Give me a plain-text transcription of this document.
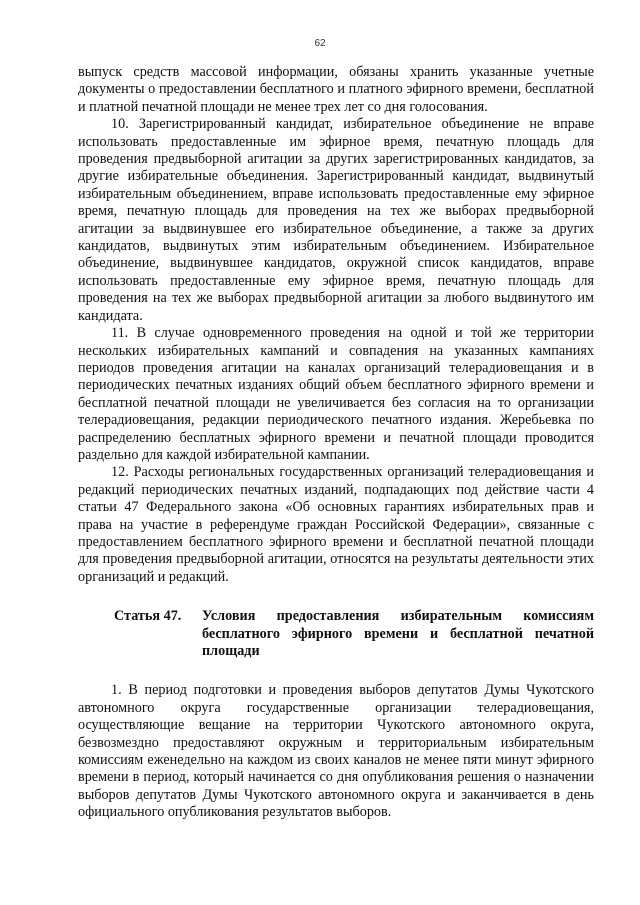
62

выпуск средств массовой информации, обязаны хранить указанные учетные документы о предоставлении бесплатного и платного эфирного времени, бесплатной и платной печатной площади не менее трех лет со дня голосования.

10. Зарегистрированный кандидат, избирательное объединение не вправе использовать предоставленные им эфирное время, печатную площадь для проведения предвыборной агитации за других зарегистрированных кандидатов, за другие избирательные объединения. Зарегистрированный кандидат, выдвинутый избирательным объединением, вправе использовать предоставленные ему эфирное время, печатную площадь для проведения на тех же выборах предвыборной агитации за выдвинувшее его избирательное объединение, а также за других кандидатов, выдвинутых этим избирательным объединением. Избирательное объединение, выдвинувшее кандидатов, окружной список кандидатов, вправе использовать предоставленные ему эфирное время, печатную площадь для проведения на тех же выборах предвыборной агитации за любого выдвинутого им кандидата.

11. В случае одновременного проведения на одной и той же территории нескольких избирательных кампаний и совпадения на указанных кампаниях периодов проведения агитации на каналах организаций телерадиовещания и в периодических печатных изданиях общий объем бесплатного эфирного времени и бесплатной печатной площади не увеличивается без согласия на то организации телерадиовещания, редакции периодического печатного издания. Жеребьевка по распределению бесплатных эфирного времени и печатной площади проводится раздельно для каждой избирательной кампании.

12. Расходы региональных государственных организаций телерадиовещания и редакций периодических печатных изданий, подпадающих под действие части 4 статьи 47 Федерального закона «Об основных гарантиях избирательных прав и права на участие в референдуме граждан Российской Федерации», связанные с предоставлением бесплатного эфирного времени и бесплатной печатной площади для проведения предвыборной агитации, относятся на результаты деятельности этих организаций и редакций.

Статья 47.	Условия предоставления избирательным комиссиям бесплатного эфирного времени и бесплатной печатной площади

1. В период подготовки и проведения выборов депутатов Думы Чукотского автономного округа государственные организации телерадиовещания, осуществляющие вещание на территории Чукотского автономного округа, безвозмездно предоставляют окружным и территориальным избирательным комиссиям еженедельно на каждом из своих каналов не менее пяти минут эфирного времени в период, который начинается со дня опубликования решения о назначении выборов депутатов Думы Чукотского автономного округа и заканчивается в день официального опубликования результатов выборов.
